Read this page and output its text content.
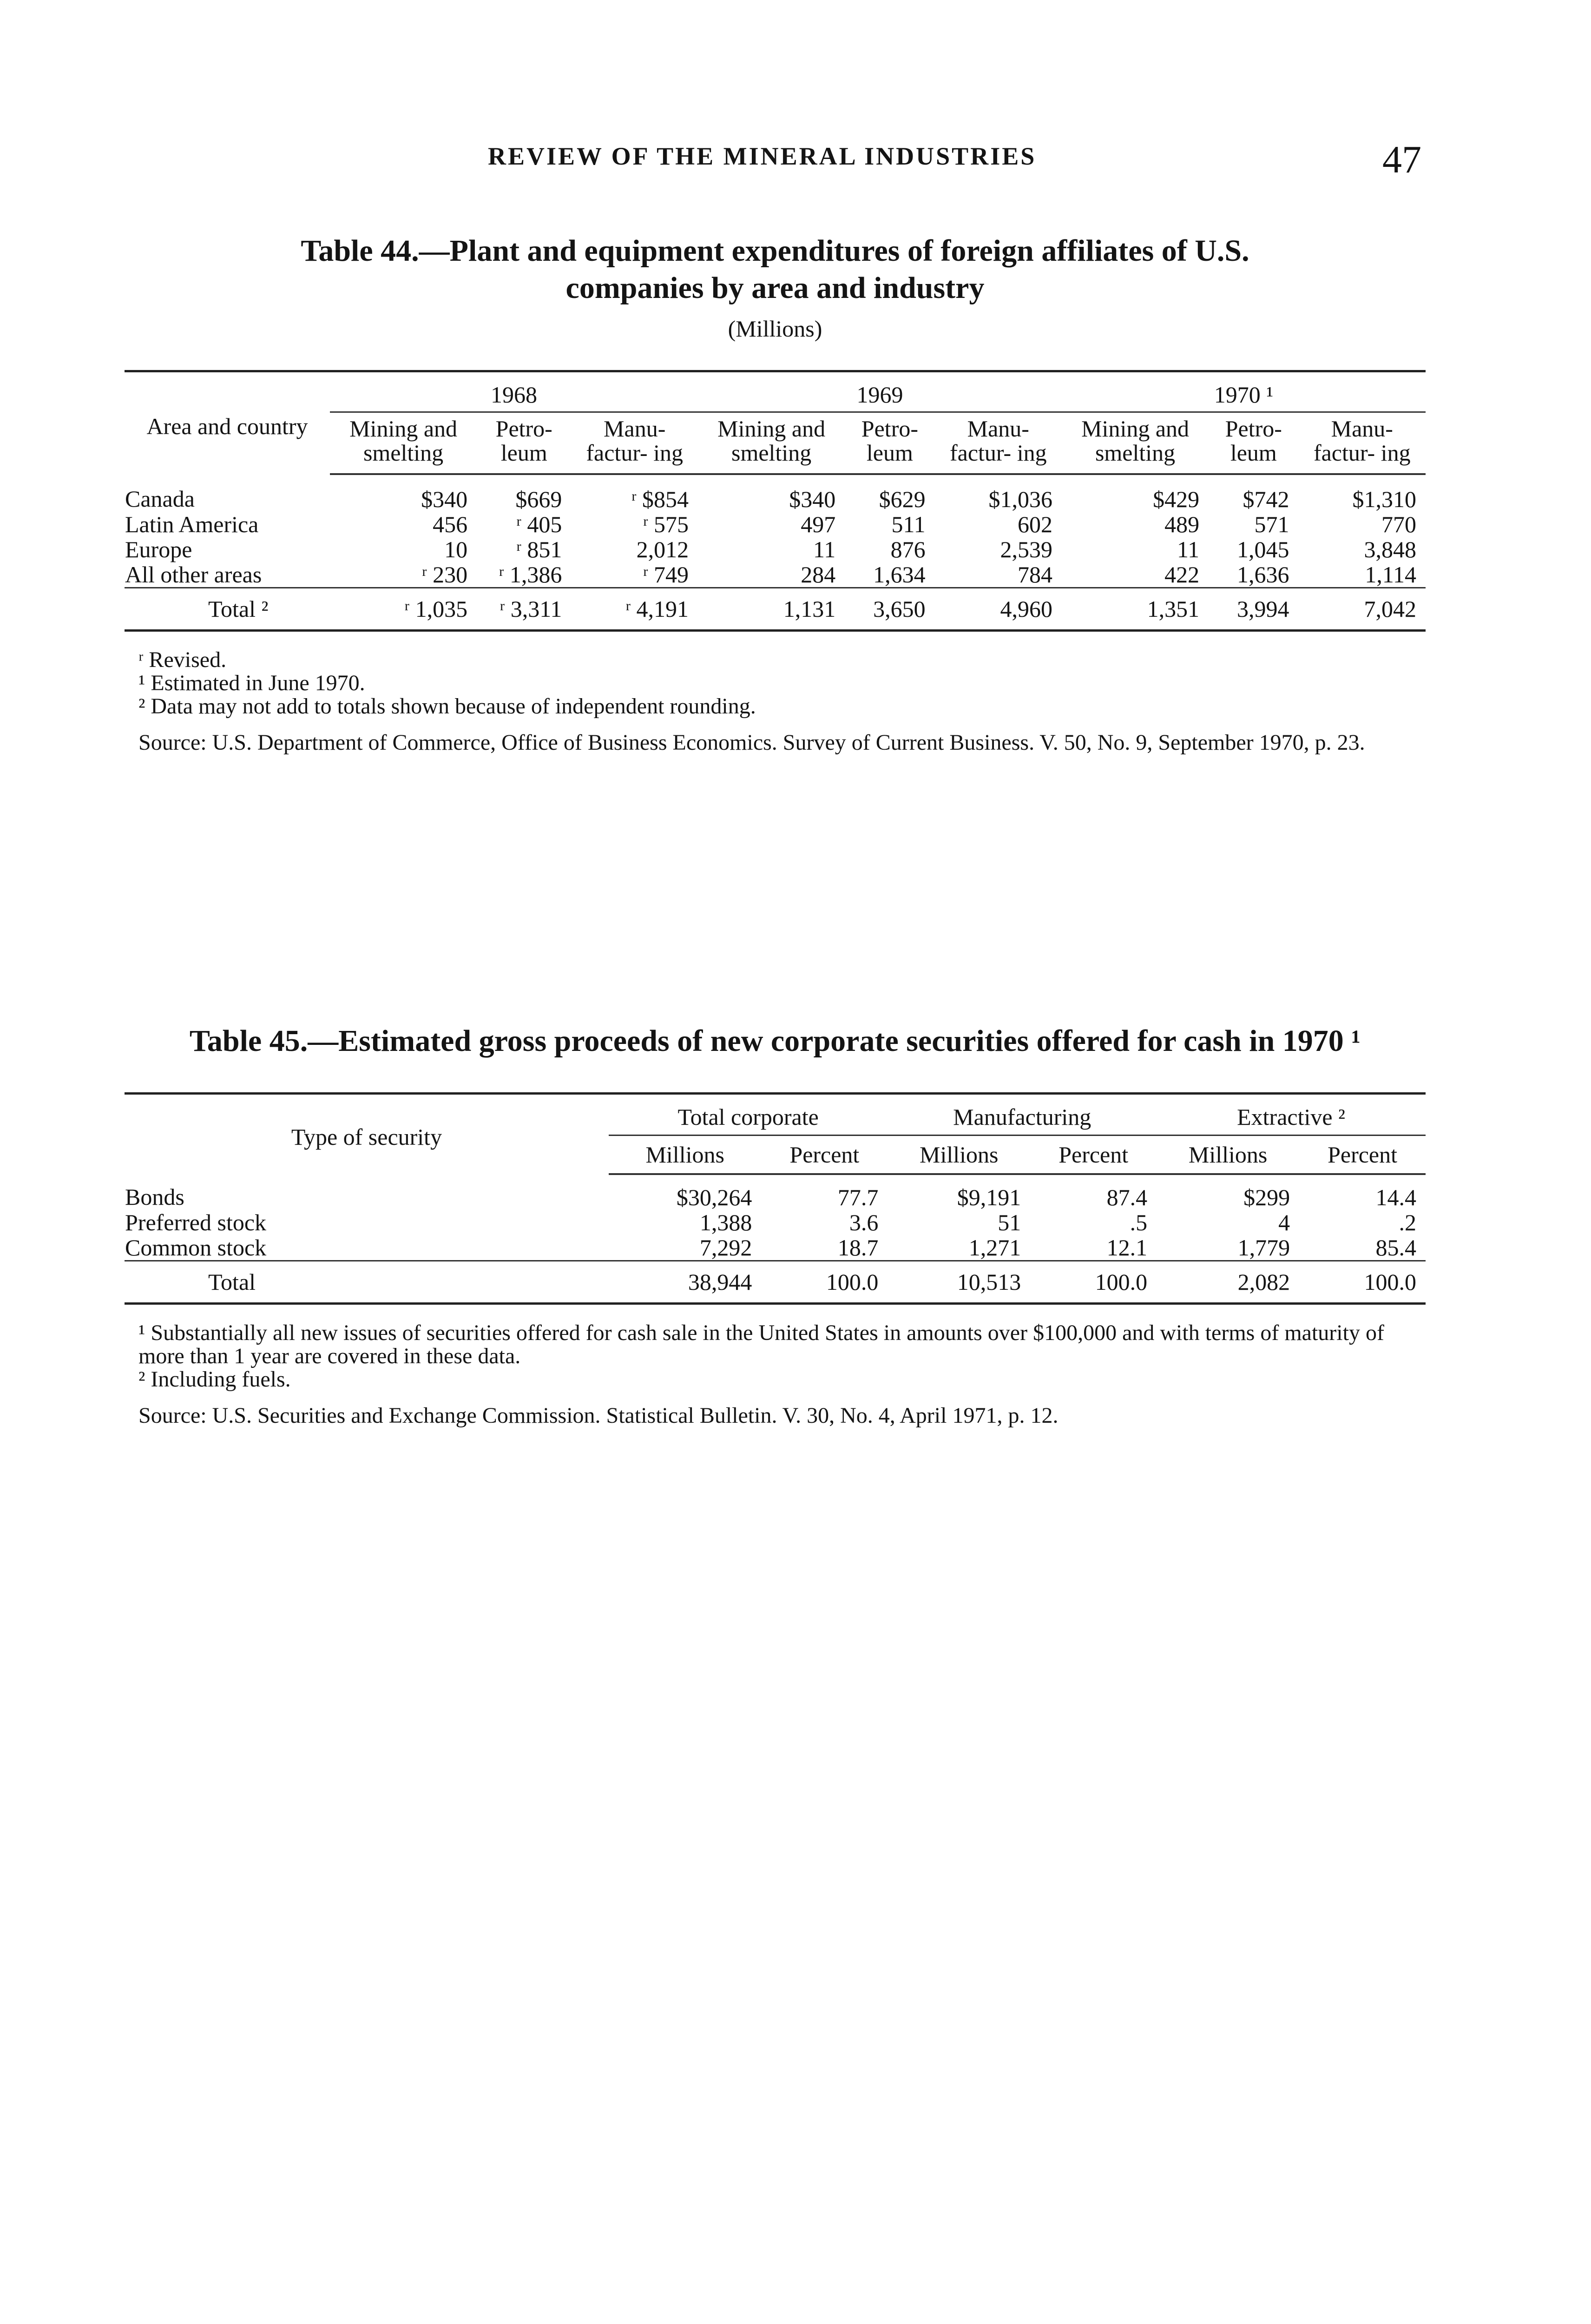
REVIEW OF THE MINERAL INDUSTRIES	47
Table 44.—Plant and equipment expenditures of foreign affiliates of U.S.
companies by area and industry
(Millions)
Area and country	1968			1969			1970 ¹		
	Mining and smelting	Petro- leum	Manu- factur- ing	Mining and smelting	Petro- leum	Manu- factur- ing	Mining and smelting	Petro- leum	Manu- factur- ing
Canada	$340	$669	ʳ $854	$340	$629	$1,036	$429	$742	$1,310
Latin America	456	ʳ 405	ʳ 575	497	511	602	489	571	770
Europe	10	ʳ 851	2,012	11	876	2,539	11	1,045	3,848
All other areas	ʳ 230	ʳ 1,386	ʳ 749	284	1,634	784	422	1,636	1,114
Total ²	ʳ 1,035	ʳ 3,311	ʳ 4,191	1,131	3,650	4,960	1,351	3,994	7,042
ʳ Revised.
¹ Estimated in June 1970.
² Data may not add to totals shown because of independent rounding.
Source: U.S. Department of Commerce, Office of Business Economics. Survey of Current Business. V. 50, No. 9, September 1970, p. 23.
Table 45.—Estimated gross proceeds of new corporate securities offered for cash in 1970 ¹
Type of security	Total corporate		Manufacturing		Extractive ²	
	Millions	Percent	Millions	Percent	Millions	Percent
Bonds	$30,264	77.7	$9,191	87.4	$299	14.4
Preferred stock	1,388	3.6	51	.5	4	.2
Common stock	7,292	18.7	1,271	12.1	1,779	85.4
Total	38,944	100.0	10,513	100.0	2,082	100.0
¹ Substantially all new issues of securities offered for cash sale in the United States in amounts over $100,000 and with terms of maturity of more than 1 year are covered in these data.
² Including fuels.
Source: U.S. Securities and Exchange Commission. Statistical Bulletin. V. 30, No. 4, April 1971, p. 12.
